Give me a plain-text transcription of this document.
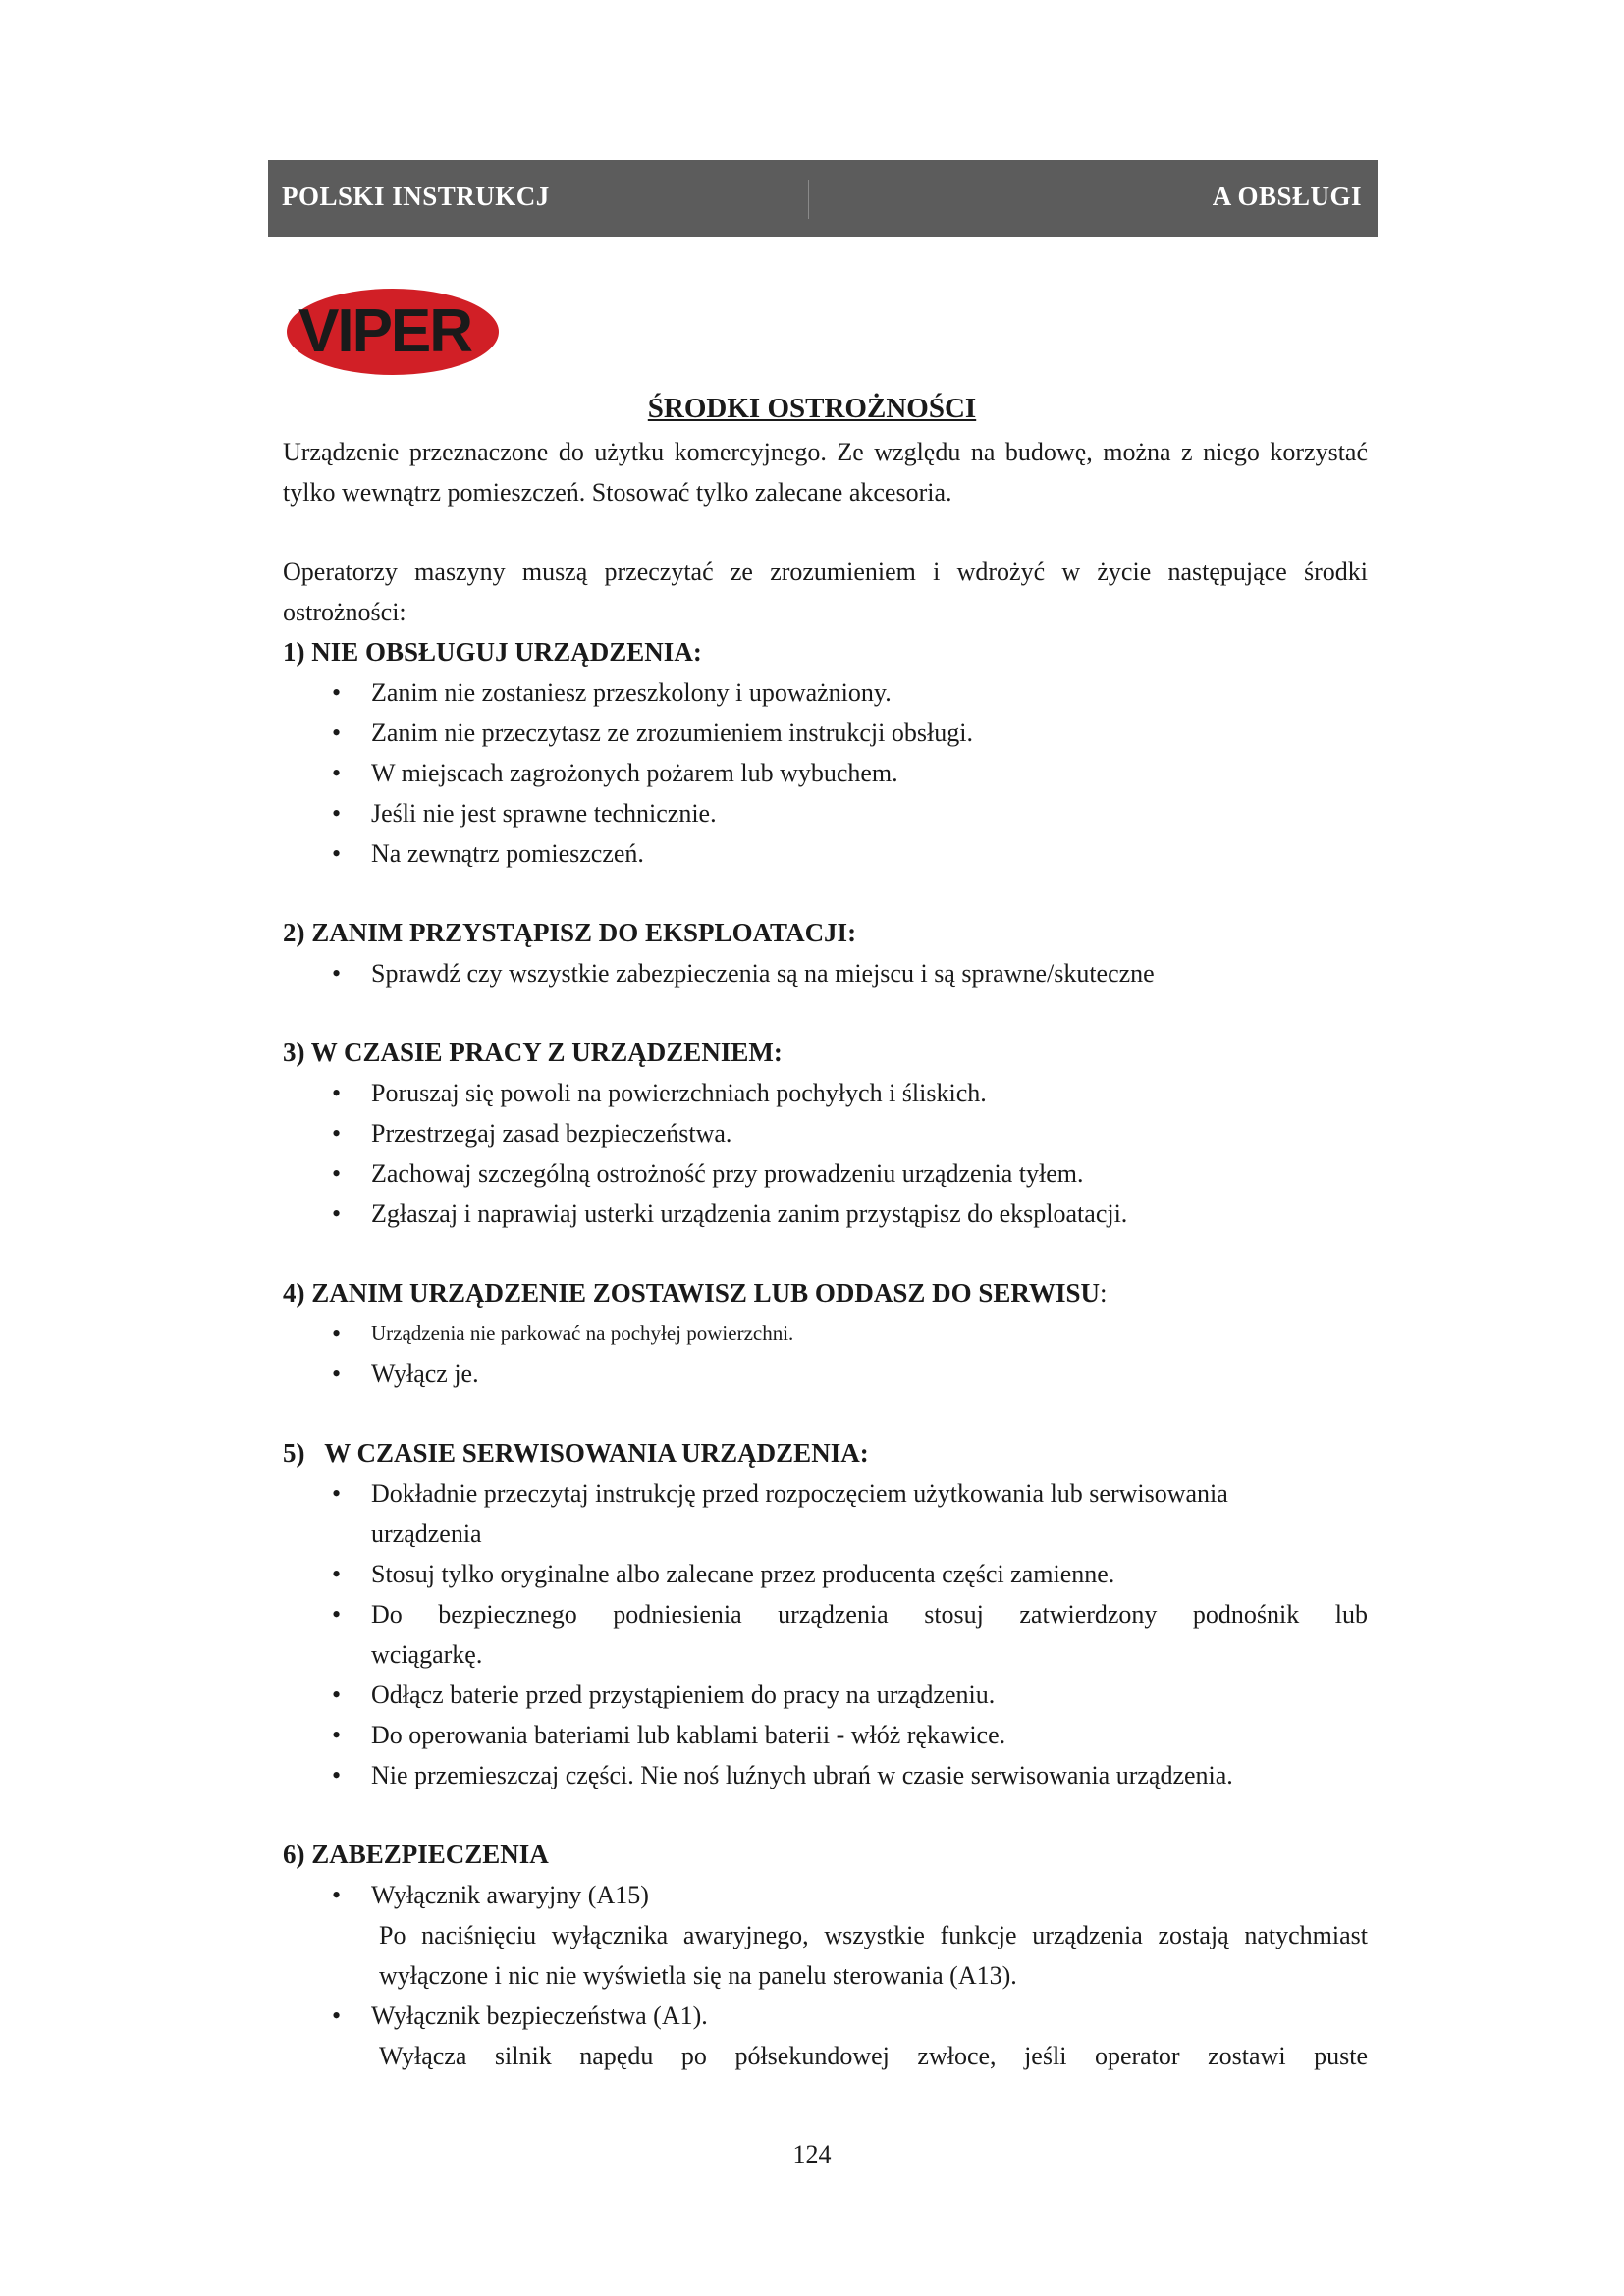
POLSKI INSTRUKCJ	A OBSŁUGI
VIPER
ŚRODKI OSTROŻNOŚCI

Urządzenie przeznaczone do użytku komercyjnego. Ze względu na budowę, można z niego korzystać tylko wewnątrz pomieszczeń. Stosować tylko zalecane akcesoria.

Operatorzy maszyny muszą przeczytać ze zrozumieniem i wdrożyć w życie następujące środki ostrożności:

1) NIE OBSŁUGUJ URZĄDZENIA:

• Zanim nie zostaniesz przeszkolony i upoważniony.
• Zanim nie przeczytasz ze zrozumieniem instrukcji obsługi.
• W miejscach zagrożonych pożarem lub wybuchem.
• Jeśli nie jest sprawne technicznie.
• Na zewnątrz pomieszczeń.

2) ZANIM PRZYSTĄPISZ DO EKSPLOATACJI:

• Sprawdź czy wszystkie zabezpieczenia są na miejscu i są sprawne/skuteczne

3) W CZASIE PRACY Z URZĄDZENIEM:

• Poruszaj się powoli na powierzchniach pochyłych i śliskich.
• Przestrzegaj zasad bezpieczeństwa.
• Zachowaj szczególną ostrożność przy prowadzeniu urządzenia tyłem.
• Zgłaszaj i naprawiaj usterki urządzenia zanim przystąpisz do eksploatacji.

4) ZANIM URZĄDZENIE ZOSTAWISZ LUB ODDASZ DO SERWISU:

• Urządzenia nie parkować na pochyłej powierzchni.
• Wyłącz je.

5)   W CZASIE SERWISOWANIA URZĄDZENIA:

• Dokładnie przeczytaj instrukcję przed rozpoczęciem użytkowania lub serwisowania
urządzenia
• Stosuj tylko oryginalne albo zalecane przez producenta części zamienne.
• Do bezpiecznego podniesienia urządzenia stosuj zatwierdzony podnośnik lub
wciągarkę.
• Odłącz baterie przed przystąpieniem do pracy na urządzeniu.
• Do operowania bateriami lub kablami baterii - włóż rękawice.
• Nie przemieszczaj części. Nie noś luźnych ubrań w czasie serwisowania urządzenia.

6) ZABEZPIECZENIA

• Wyłącznik awaryjny (A15)
Po naciśnięciu wyłącznika awaryjnego, wszystkie funkcje urządzenia zostają natychmiast wyłączone i nic nie wyświetla się na panelu sterowania (A13).
• Wyłącznik bezpieczeństwa (A1).
Wyłącza silnik napędu po półsekundowej zwłoce, jeśli operator zostawi puste
124
